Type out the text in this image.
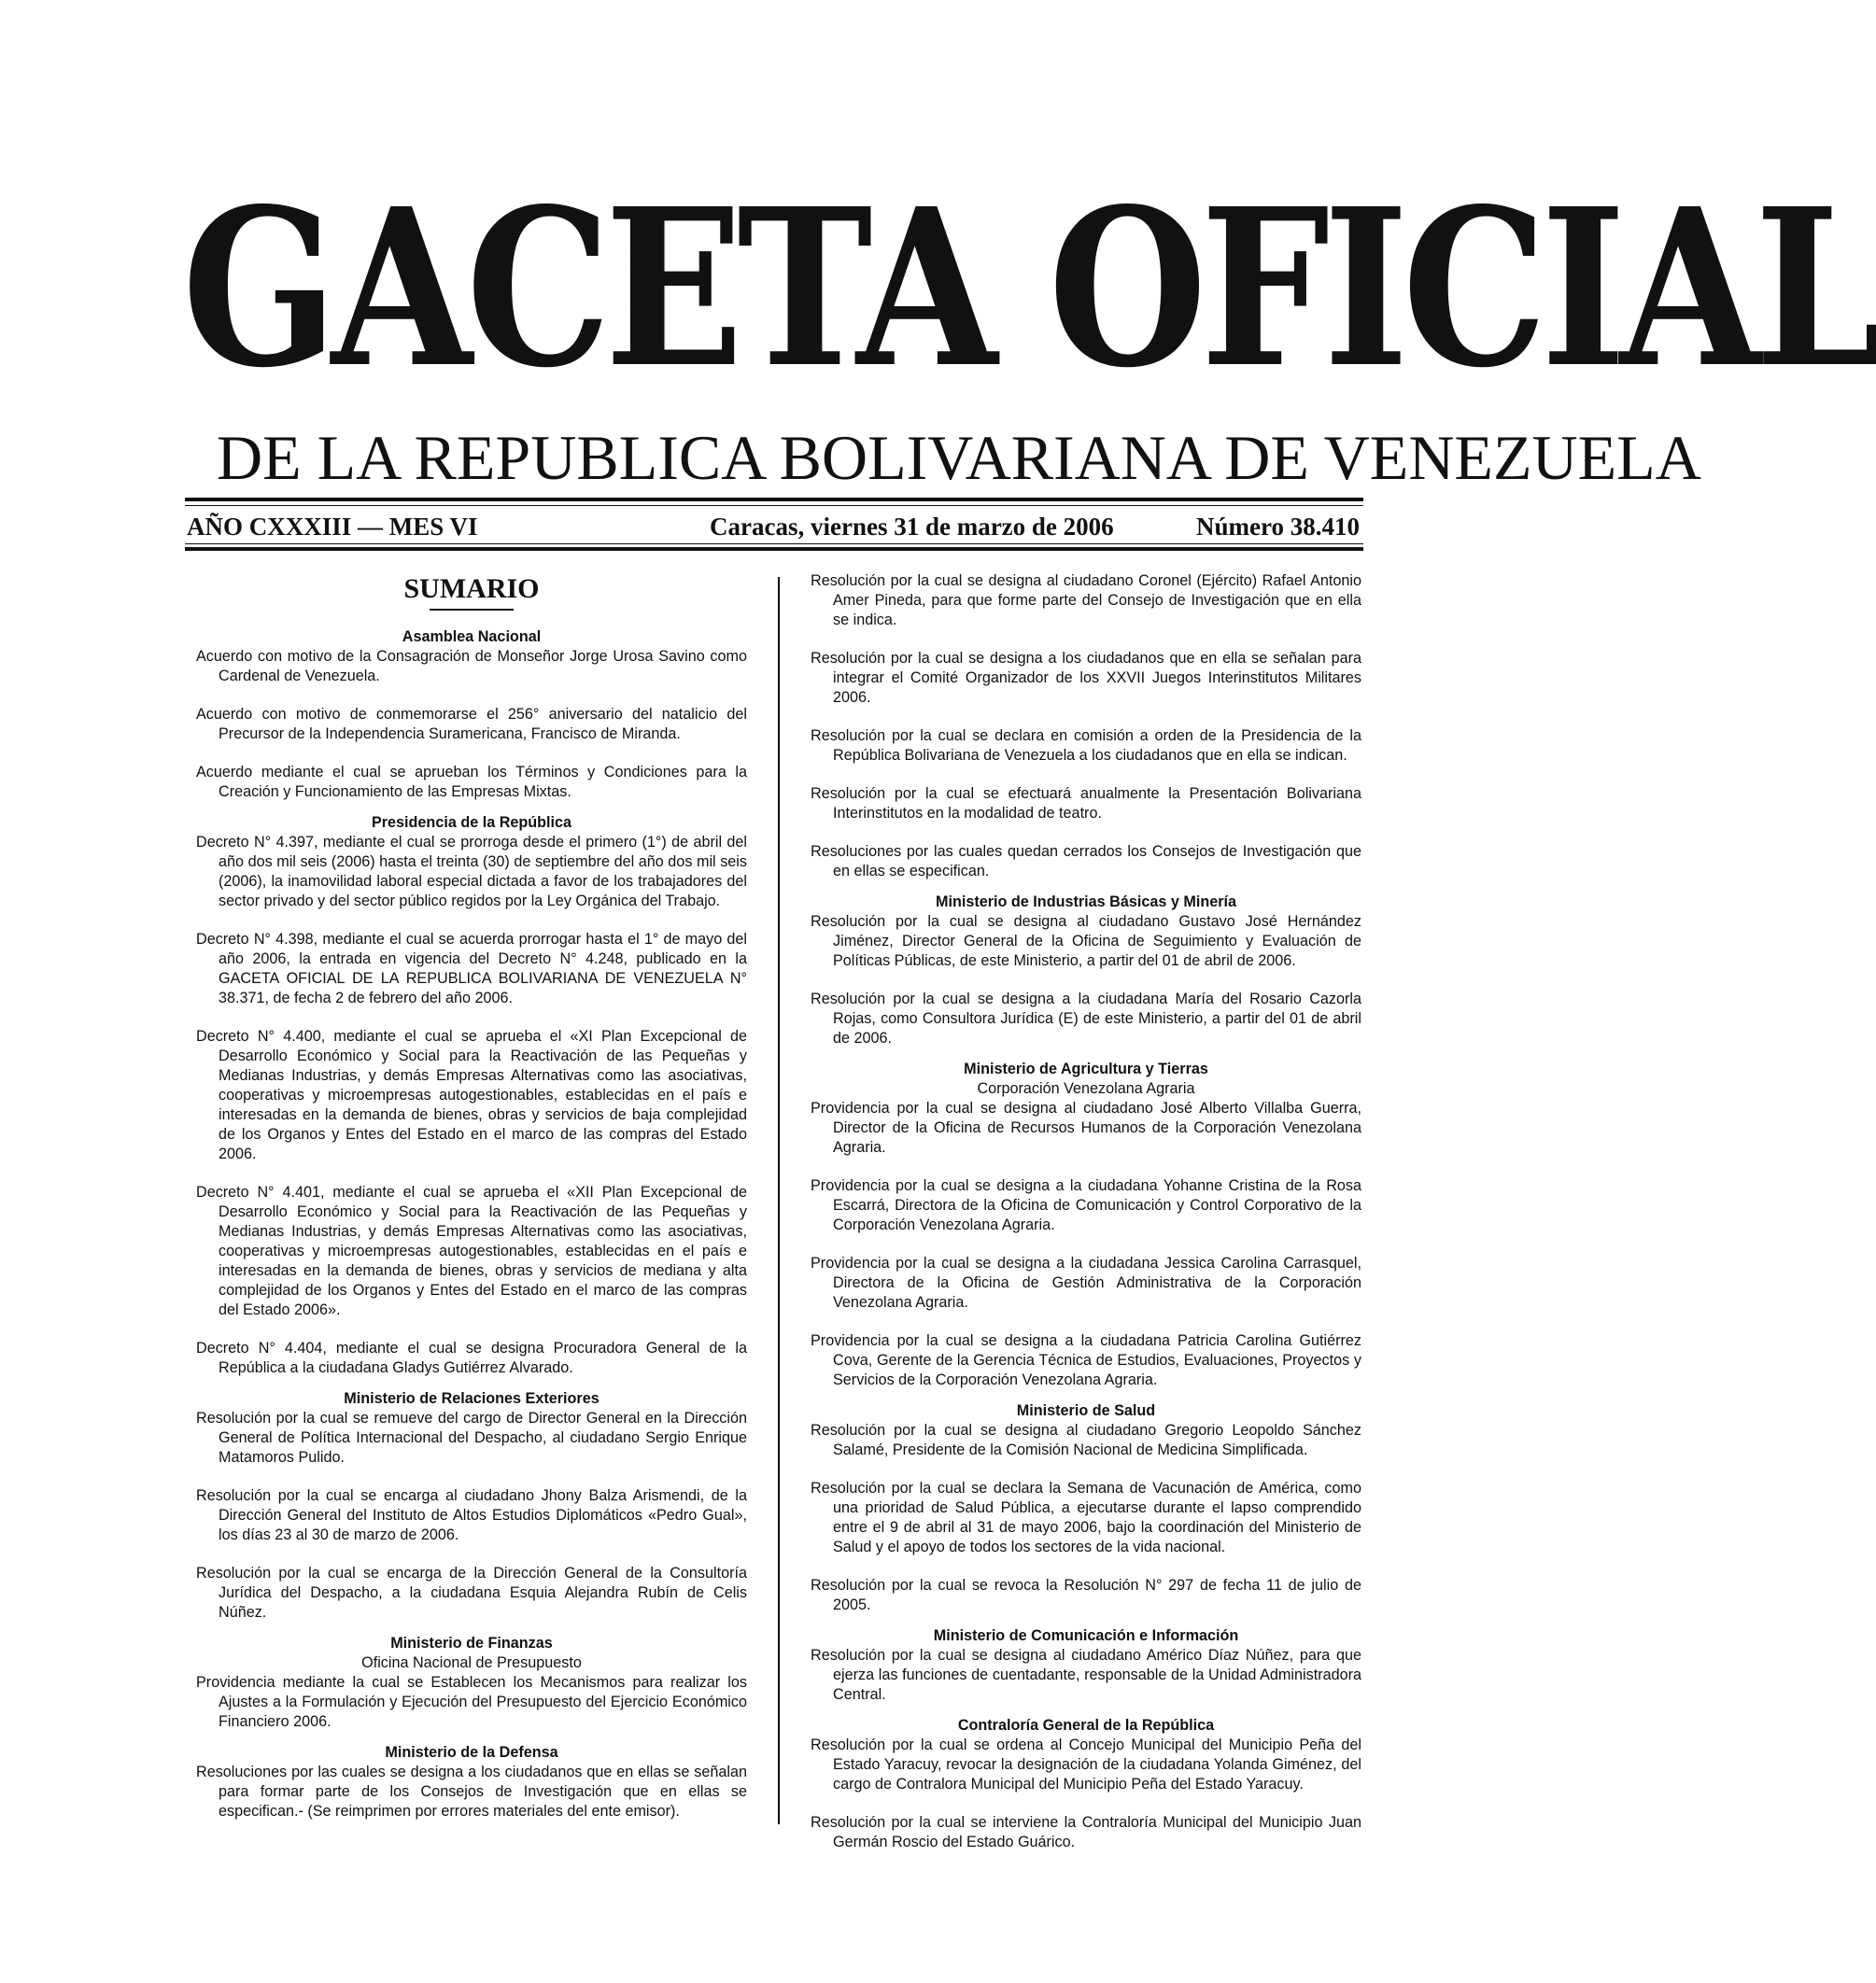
GACETA OFICIAL
DE LA REPUBLICA BOLIVARIANA DE VENEZUELA
AÑO CXXXIII — MES VI	Caracas, viernes 31 de marzo de 2006	Número 38.410
SUMARIO
Asamblea Nacional

Acuerdo con motivo de la Consagración de Monseñor Jorge Urosa Savino como Cardenal de Venezuela.

Acuerdo con motivo de conmemorarse el 256° aniversario del natalicio del Precursor de la Independencia Suramericana, Francisco de Miranda.

Acuerdo mediante el cual se aprueban los Términos y Condiciones para la Creación y Funcionamiento de las Empresas Mixtas.

Presidencia de la República

Decreto N° 4.397, mediante el cual se prorroga desde el primero (1°) de abril del año dos mil seis (2006) hasta el treinta (30) de septiembre del año dos mil seis (2006), la inamovilidad laboral especial dictada a favor de los trabajadores del sector privado y del sector público regidos por la Ley Orgánica del Trabajo.

Decreto N° 4.398, mediante el cual se acuerda prorrogar hasta el 1° de mayo del año 2006, la entrada en vigencia del Decreto N° 4.248, publicado en la GACETA OFICIAL DE LA REPUBLICA BOLIVARIANA DE VENEZUELA N° 38.371, de fecha 2 de febrero del año 2006.

Decreto N° 4.400, mediante el cual se aprueba el «XI Plan Excepcional de Desarrollo Económico y Social para la Reactivación de las Pequeñas y Medianas Industrias, y demás Empresas Alternativas como las asociativas, cooperativas y microempresas autogestionables, establecidas en el país e interesadas en la demanda de bienes, obras y servicios de baja complejidad de los Organos y Entes del Estado en el marco de las compras del Estado 2006.

Decreto N° 4.401, mediante el cual se aprueba el «XII Plan Excepcional de Desarrollo Económico y Social para la Reactivación de las Pequeñas y Medianas Industrias, y demás Empresas Alternativas como las asociativas, cooperativas y microempresas autogestionables, establecidas en el país e interesadas en la demanda de bienes, obras y servicios de mediana y alta complejidad de los Organos y Entes del Estado en el marco de las compras del Estado 2006».

Decreto N° 4.404, mediante el cual se designa Procuradora General de la República a la ciudadana Gladys Gutiérrez Alvarado.

Ministerio de Relaciones Exteriores

Resolución por la cual se remueve del cargo de Director General en la Dirección General de Política Internacional del Despacho, al ciudadano Sergio Enrique Matamoros Pulido.

Resolución por la cual se encarga al ciudadano Jhony Balza Arismendi, de la Dirección General del Instituto de Altos Estudios Diplomáticos «Pedro Gual», los días 23 al 30 de marzo de 2006.

Resolución por la cual se encarga de la Dirección General de la Consultoría Jurídica del Despacho, a la ciudadana Esquia Alejandra Rubín de Celis Núñez.

Ministerio de Finanzas
Oficina Nacional de Presupuesto

Providencia mediante la cual se Establecen los Mecanismos para realizar los Ajustes a la Formulación y Ejecución del Presupuesto del Ejercicio Económico Financiero 2006.

Ministerio de la Defensa

Resoluciones por las cuales se designa a los ciudadanos que en ellas se señalan para formar parte de los Consejos de Investigación que en ellas se especifican.- (Se reimprimen por errores materiales del ente emisor).

Resolución por la cual se designa al ciudadano Coronel (Ejército) Rafael Antonio Amer Pineda, para que forme parte del Consejo de Investigación que en ella se indica.

Resolución por la cual se designa a los ciudadanos que en ella se señalan para integrar el Comité Organizador de los XXVII Juegos Interinstitutos Militares 2006.

Resolución por la cual se declara en comisión a orden de la Presidencia de la República Bolivariana de Venezuela a los ciudadanos que en ella se indican.

Resolución por la cual se efectuará anualmente la Presentación Bolivariana Interinstitutos en la modalidad de teatro.

Resoluciones por las cuales quedan cerrados los Consejos de Investigación que en ellas se especifican.

Ministerio de Industrias Básicas y Minería

Resolución por la cual se designa al ciudadano Gustavo José Hernández Jiménez, Director General de la Oficina de Seguimiento y Evaluación de Políticas Públicas, de este Ministerio, a partir del 01 de abril de 2006.

Resolución por la cual se designa a la ciudadana María del Rosario Cazorla Rojas, como Consultora Jurídica (E) de este Ministerio, a partir del 01 de abril de 2006.

Ministerio de Agricultura y Tierras
Corporación Venezolana Agraria

Providencia por la cual se designa al ciudadano José Alberto Villalba Guerra, Director de la Oficina de Recursos Humanos de la Corporación Venezolana Agraria.

Providencia por la cual se designa a la ciudadana Yohanne Cristina de la Rosa Escarrá, Directora de la Oficina de Comunicación y Control Corporativo de la Corporación Venezolana Agraria.

Providencia por la cual se designa a la ciudadana Jessica Carolina Carrasquel, Directora de la Oficina de Gestión Administrativa de la Corporación Venezolana Agraria.

Providencia por la cual se designa a la ciudadana Patricia Carolina Gutiérrez Cova, Gerente de la Gerencia Técnica de Estudios, Evaluaciones, Proyectos y Servicios de la Corporación Venezolana Agraria.

Ministerio de Salud

Resolución por la cual se designa al ciudadano Gregorio Leopoldo Sánchez Salamé, Presidente de la Comisión Nacional de Medicina Simplificada.

Resolución por la cual se declara la Semana de Vacunación de América, como una prioridad de Salud Pública, a ejecutarse durante el lapso comprendido entre el 9 de abril al 31 de mayo 2006, bajo la coordinación del Ministerio de Salud y el apoyo de todos los sectores de la vida nacional.

Resolución por la cual se revoca la Resolución N° 297 de fecha 11 de julio de 2005.

Ministerio de Comunicación e Información

Resolución por la cual se designa al ciudadano Américo Díaz Núñez, para que ejerza las funciones de cuentadante, responsable de la Unidad Administradora Central.

Contraloría General de la República

Resolución por la cual se ordena al Concejo Municipal del Municipio Peña del Estado Yaracuy, revocar la designación de la ciudadana Yolanda Giménez, del cargo de Contralora Municipal del Municipio Peña del Estado Yaracuy.

Resolución por la cual se interviene la Contraloría Municipal del Municipio Juan Germán Roscio del Estado Guárico.
